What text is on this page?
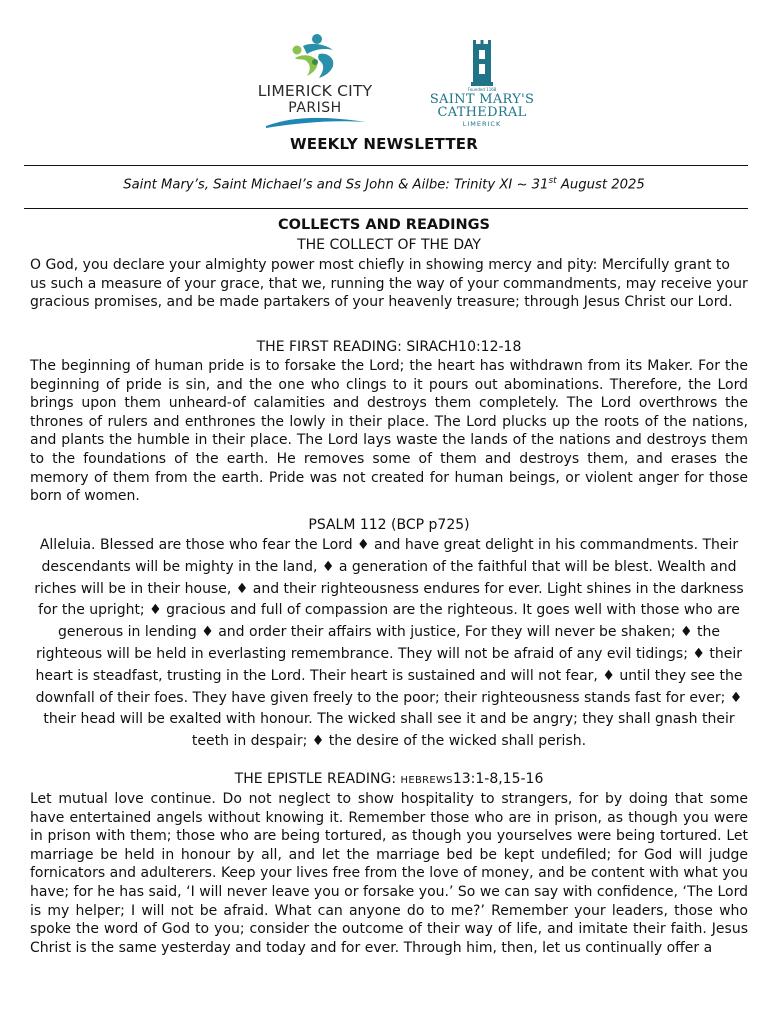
LIMERICK CITY
PARISH
Founded 1168
SAINT MARY'S
CATHEDRAL
LIMERICK
WEEKLY NEWSLETTER
Saint Mary’s, Saint Michael’s and Ss John & Ailbe: Trinity XI ~ 31st August 2025
COLLECTS AND READINGS
THE COLLECT OF THE DAY

O God, you declare your almighty power most chiefly in showing mercy and pity: Mercifully grant to us such a measure of your grace, that we, running the way of your commandments, may receive your gracious promises, and be made partakers of your heavenly treasure; through Jesus Christ our Lord.

THE FIRST READING: SIRACH10:12-18

The beginning of human pride is to forsake the Lord; the heart has withdrawn from its Maker. For the beginning of pride is sin, and the one who clings to it pours out abominations. Therefore, the Lord brings upon them unheard-of calamities and destroys them completely. The Lord overthrows the thrones of rulers and enthrones the lowly in their place. The Lord plucks up the roots of the nations, and plants the humble in their place. The Lord lays waste the lands of the nations and destroys them to the foundations of the earth. He removes some of them and destroys them, and erases the memory of them from the earth. Pride was not created for human beings, or violent anger for those born of women.

PSALM 112 (BCP p725)
Alleluia. Blessed are those who fear the Lord ♦ and have great delight in his commandments. Their
descendants will be mighty in the land, ♦ a generation of the faithful that will be blest. Wealth and
riches will be in their house, ♦ and their righteousness endures for ever. Light shines in the darkness
for the upright; ♦ gracious and full of compassion are the righteous. It goes well with those who are
generous in lending ♦ and order their affairs with justice, For they will never be shaken; ♦ the
righteous will be held in everlasting remembrance. They will not be afraid of any evil tidings; ♦ their
heart is steadfast, trusting in the Lord. Their heart is sustained and will not fear, ♦ until they see the
downfall of their foes. They have given freely to the poor; their righteousness stands fast for ever; ♦
their head will be exalted with honour. The wicked shall see it and be angry; they shall gnash their
teeth in despair; ♦ the desire of the wicked shall perish.
THE EPISTLE READING: HEBREWS13:1-8,15-16

Let mutual love continue. Do not neglect to show hospitality to strangers, for by doing that some have entertained angels without knowing it. Remember those who are in prison, as though you were in prison with them; those who are being tortured, as though you yourselves were being tortured. Let marriage be held in honour by all, and let the marriage bed be kept undefiled; for God will judge fornicators and adulterers. Keep your lives free from the love of money, and be content with what you have; for he has said, ‘I will never leave you or forsake you.’ So we can say with confidence, ‘The Lord is my helper; I will not be afraid. What can anyone do to me?’ Remember your leaders, those who spoke the word of God to you; consider the outcome of their way of life, and imitate their faith. Jesus Christ is the same yesterday and today and for ever. Through him, then, let us continually offer a
